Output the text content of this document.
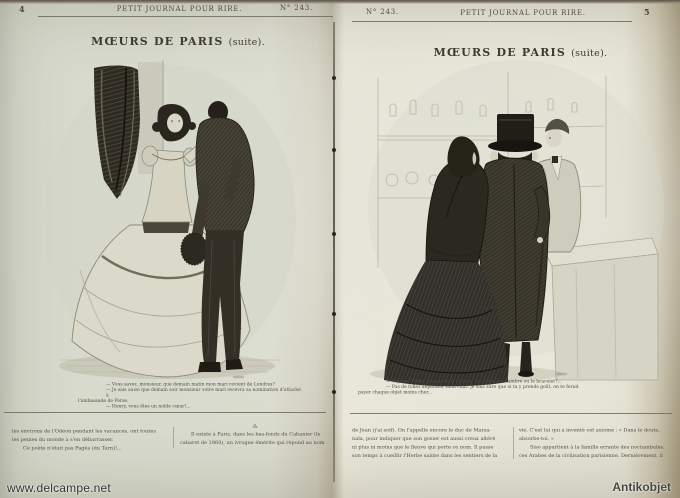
4	PETIT JOURNAL POUR RIRE.	N° 243.
MŒURS DE PARIS (suite).
— Vous savez, monsieur, que demain matin mon mari revient de Londres?
— Je sais aussi que demain soir monsieur votre mari recevra sa nomination d'attaché à
l'ambassade de Perse.
— Henry, vous êtes un noble cœur!...
les environs de l'Odéon pendant les vacances, ont toutes
les peines du monde à s'en débarrasser.
Ce poète n'était pas Pagès (du Tarn)!...
⁂
Il existe à Paris, dans les bas-fonds du Cabanier (le
cabaret de 1860), un ivrogne émérite qui répond au nom
N° 243.	PETIT JOURNAL POUR RIRE.	5
MŒURS DE PARIS (suite).
— Voyons, Titine, prends-tu la voiture, les bonbons d'ambre ou le bracelet?...
— Pas de folles dépenses, mon chat! je suis sûre que si tu y prends goût, on te ferait
payer chaque objet moins cher...
de Jean (j'ai soif). On l'appelle encore le duc de Marsa-
nala, pour indiquer que son gosier est aussi creux altéré
ni plus ni moins que le fleuve qui porte ce nom. Il passe
son temps à cueillir l'Herbe sainte dans les sentiers de la
vie. C'est lui qui a inventé cet axiome : « Dans le doute,
absorbe-toi. »
Siso appartient à la famille errante des noctambules,
ces Arabes de la civilisation parisienne. Dernièrement, il
www.delcampe.net	Antikobjet
